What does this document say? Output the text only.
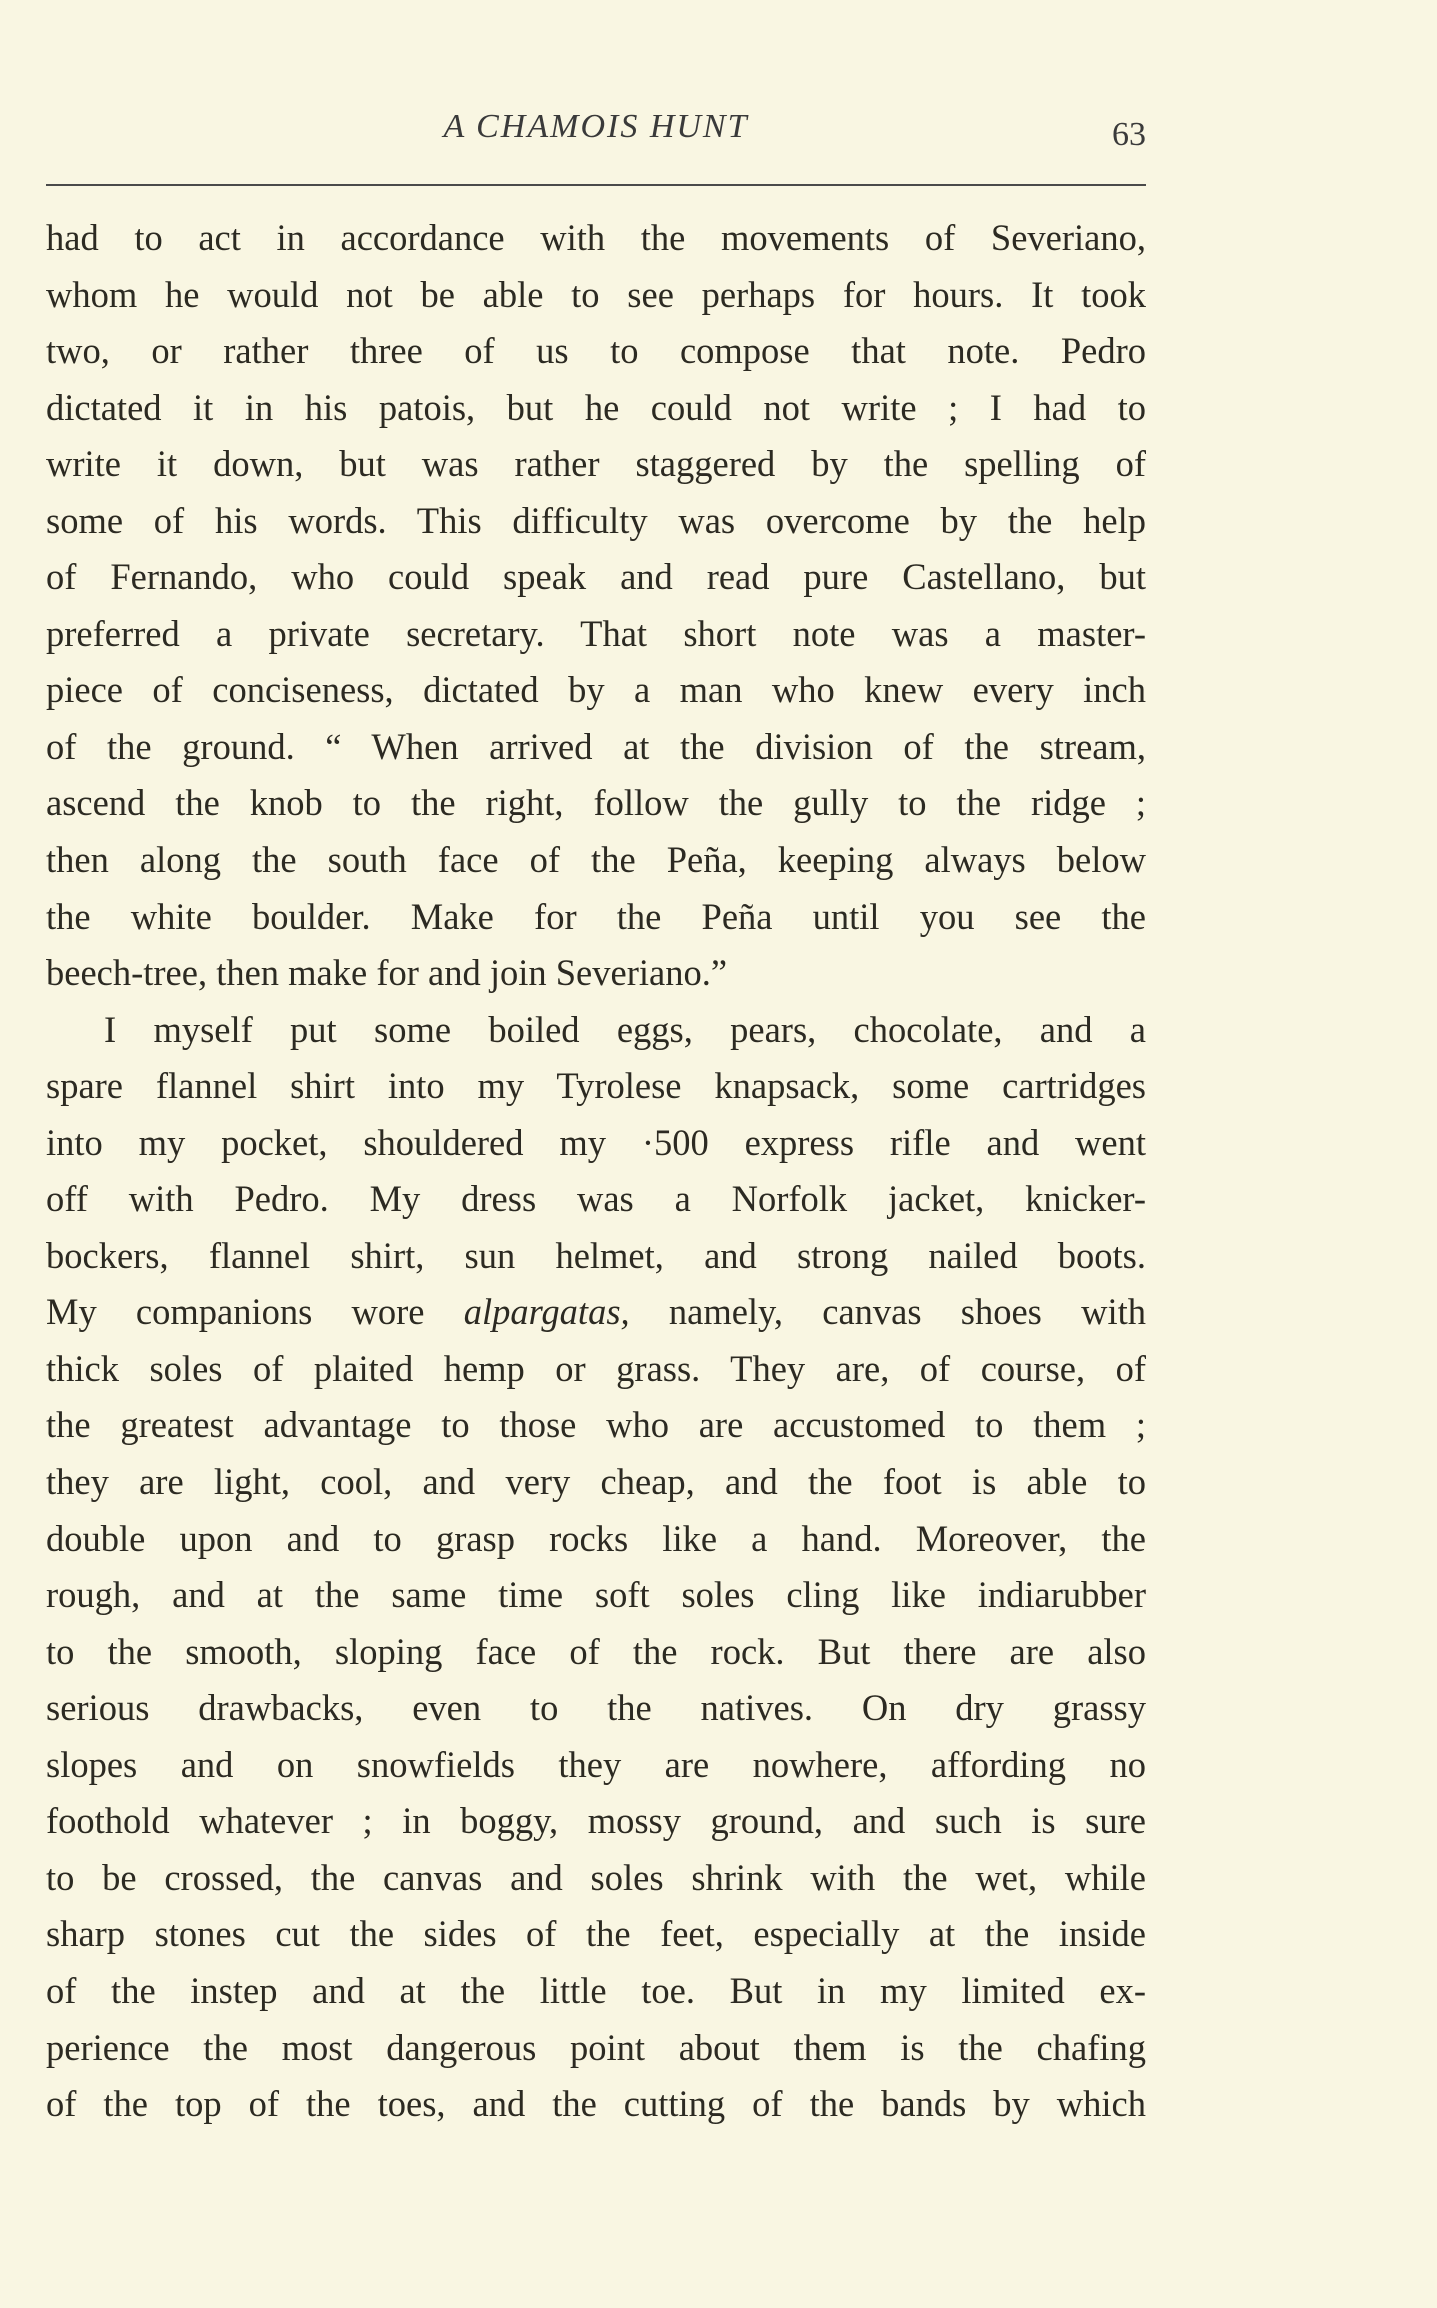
A CHAMOIS HUNT	63
had to act in accordance with the movements of Severiano,
whom he would not be able to see perhaps for hours. It took
two, or rather three of us to compose that note. Pedro
dictated it in his patois, but he could not write ; I had to
write it down, but was rather staggered by the spelling of
some of his words. This difficulty was overcome by the help
of Fernando, who could speak and read pure Castellano, but
preferred a private secretary. That short note was a master-
piece of conciseness, dictated by a man who knew every inch
of the ground. “ When arrived at the division of the stream,
ascend the knob to the right, follow the gully to the ridge ;
then along the south face of the Peña, keeping always below
the white boulder. Make for the Peña until you see the
beech-tree, then make for and join Severiano.”
I myself put some boiled eggs, pears, chocolate, and a
spare flannel shirt into my Tyrolese knapsack, some cartridges
into my pocket, shouldered my ·500 express rifle and went
off with Pedro. My dress was a Norfolk jacket, knicker-
bockers, flannel shirt, sun helmet, and strong nailed boots.
My companions wore alpargatas, namely, canvas shoes with
thick soles of plaited hemp or grass. They are, of course, of
the greatest advantage to those who are accustomed to them ;
they are light, cool, and very cheap, and the foot is able to
double upon and to grasp rocks like a hand. Moreover, the
rough, and at the same time soft soles cling like indiarubber
to the smooth, sloping face of the rock. But there are also
serious drawbacks, even to the natives. On dry grassy
slopes and on snowfields they are nowhere, affording no
foothold whatever ; in boggy, mossy ground, and such is sure
to be crossed, the canvas and soles shrink with the wet, while
sharp stones cut the sides of the feet, especially at the inside
of the instep and at the little toe. But in my limited ex-
perience the most dangerous point about them is the chafing
of the top of the toes, and the cutting of the bands by which
